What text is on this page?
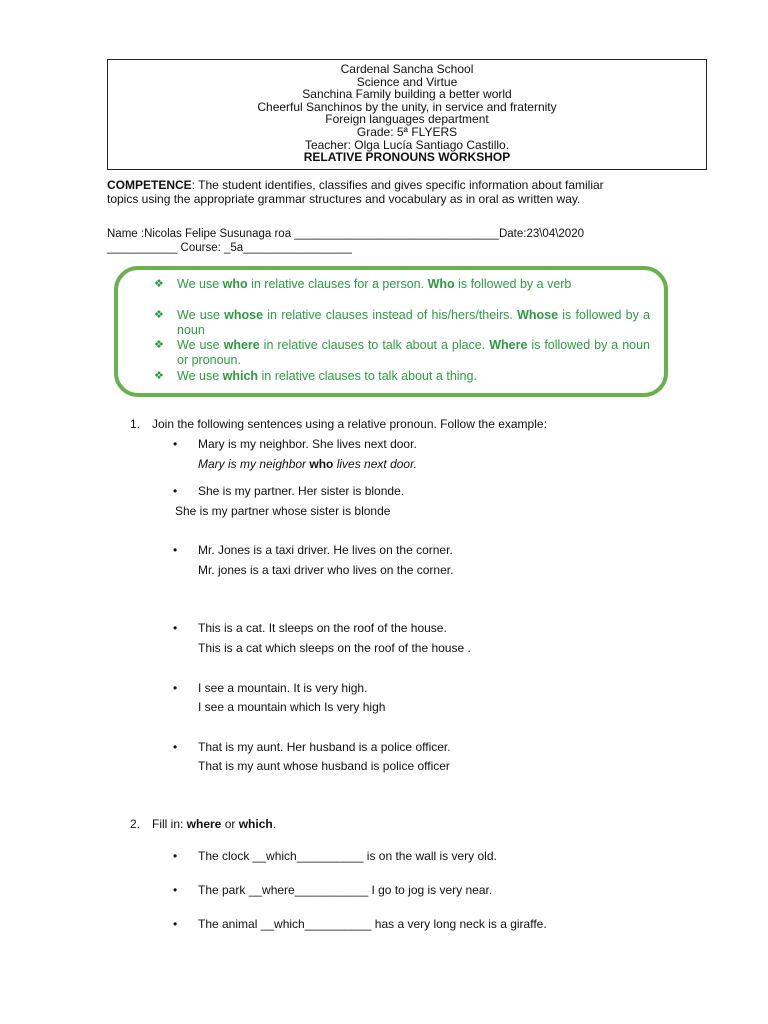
Cardenal Sancha School
Science and Virtue
Sanchina Family building a better world
Cheerful Sanchinos by the unity, in service and fraternity
Foreign languages department
Grade: 5ª FLYERS
Teacher: Olga Lucía Santiago Castillo.
RELATIVE PRONOUNS WORKSHOP
COMPETENCE: The student identifies, classifies and gives specific information about familiar topics using the appropriate grammar structures and vocabulary as in oral as written way.
Name :Nicolas Felipe Susunaga roa ________________________________Date:23\04\2020
___________ Course: _5a_________________
❖ We use who in relative clauses for a person. Who is followed by a verb
❖ We use whose in relative clauses instead of his/hers/theirs. Whose is followed by a noun
❖ We use where in relative clauses to talk about a place. Where is followed by a noun or pronoun.
❖ We use which in relative clauses to talk about a thing.
1. Join the following sentences using a relative pronoun. Follow the example:
• Mary is my neighbor. She lives next door.
Mary is my neighbor who lives next door.
• She is my partner. Her sister is blonde.
She is my partner whose sister is blonde
• Mr. Jones is a taxi driver. He lives on the corner.
Mr. jones is a taxi driver who lives on the corner.
• This is a cat. It sleeps on the roof of the house.
This is a cat which sleeps on the roof of the house .
• I see a mountain. It is very high.
I see a mountain which Is very high
• That is my aunt. Her husband is a police officer.
That is my aunt whose husband is police officer
2. Fill in: where or which.
• The clock __which__________ is on the wall is very old.
• The park __where___________ I go to jog is very near.
• The animal __which__________ has a very long neck is a giraffe.
